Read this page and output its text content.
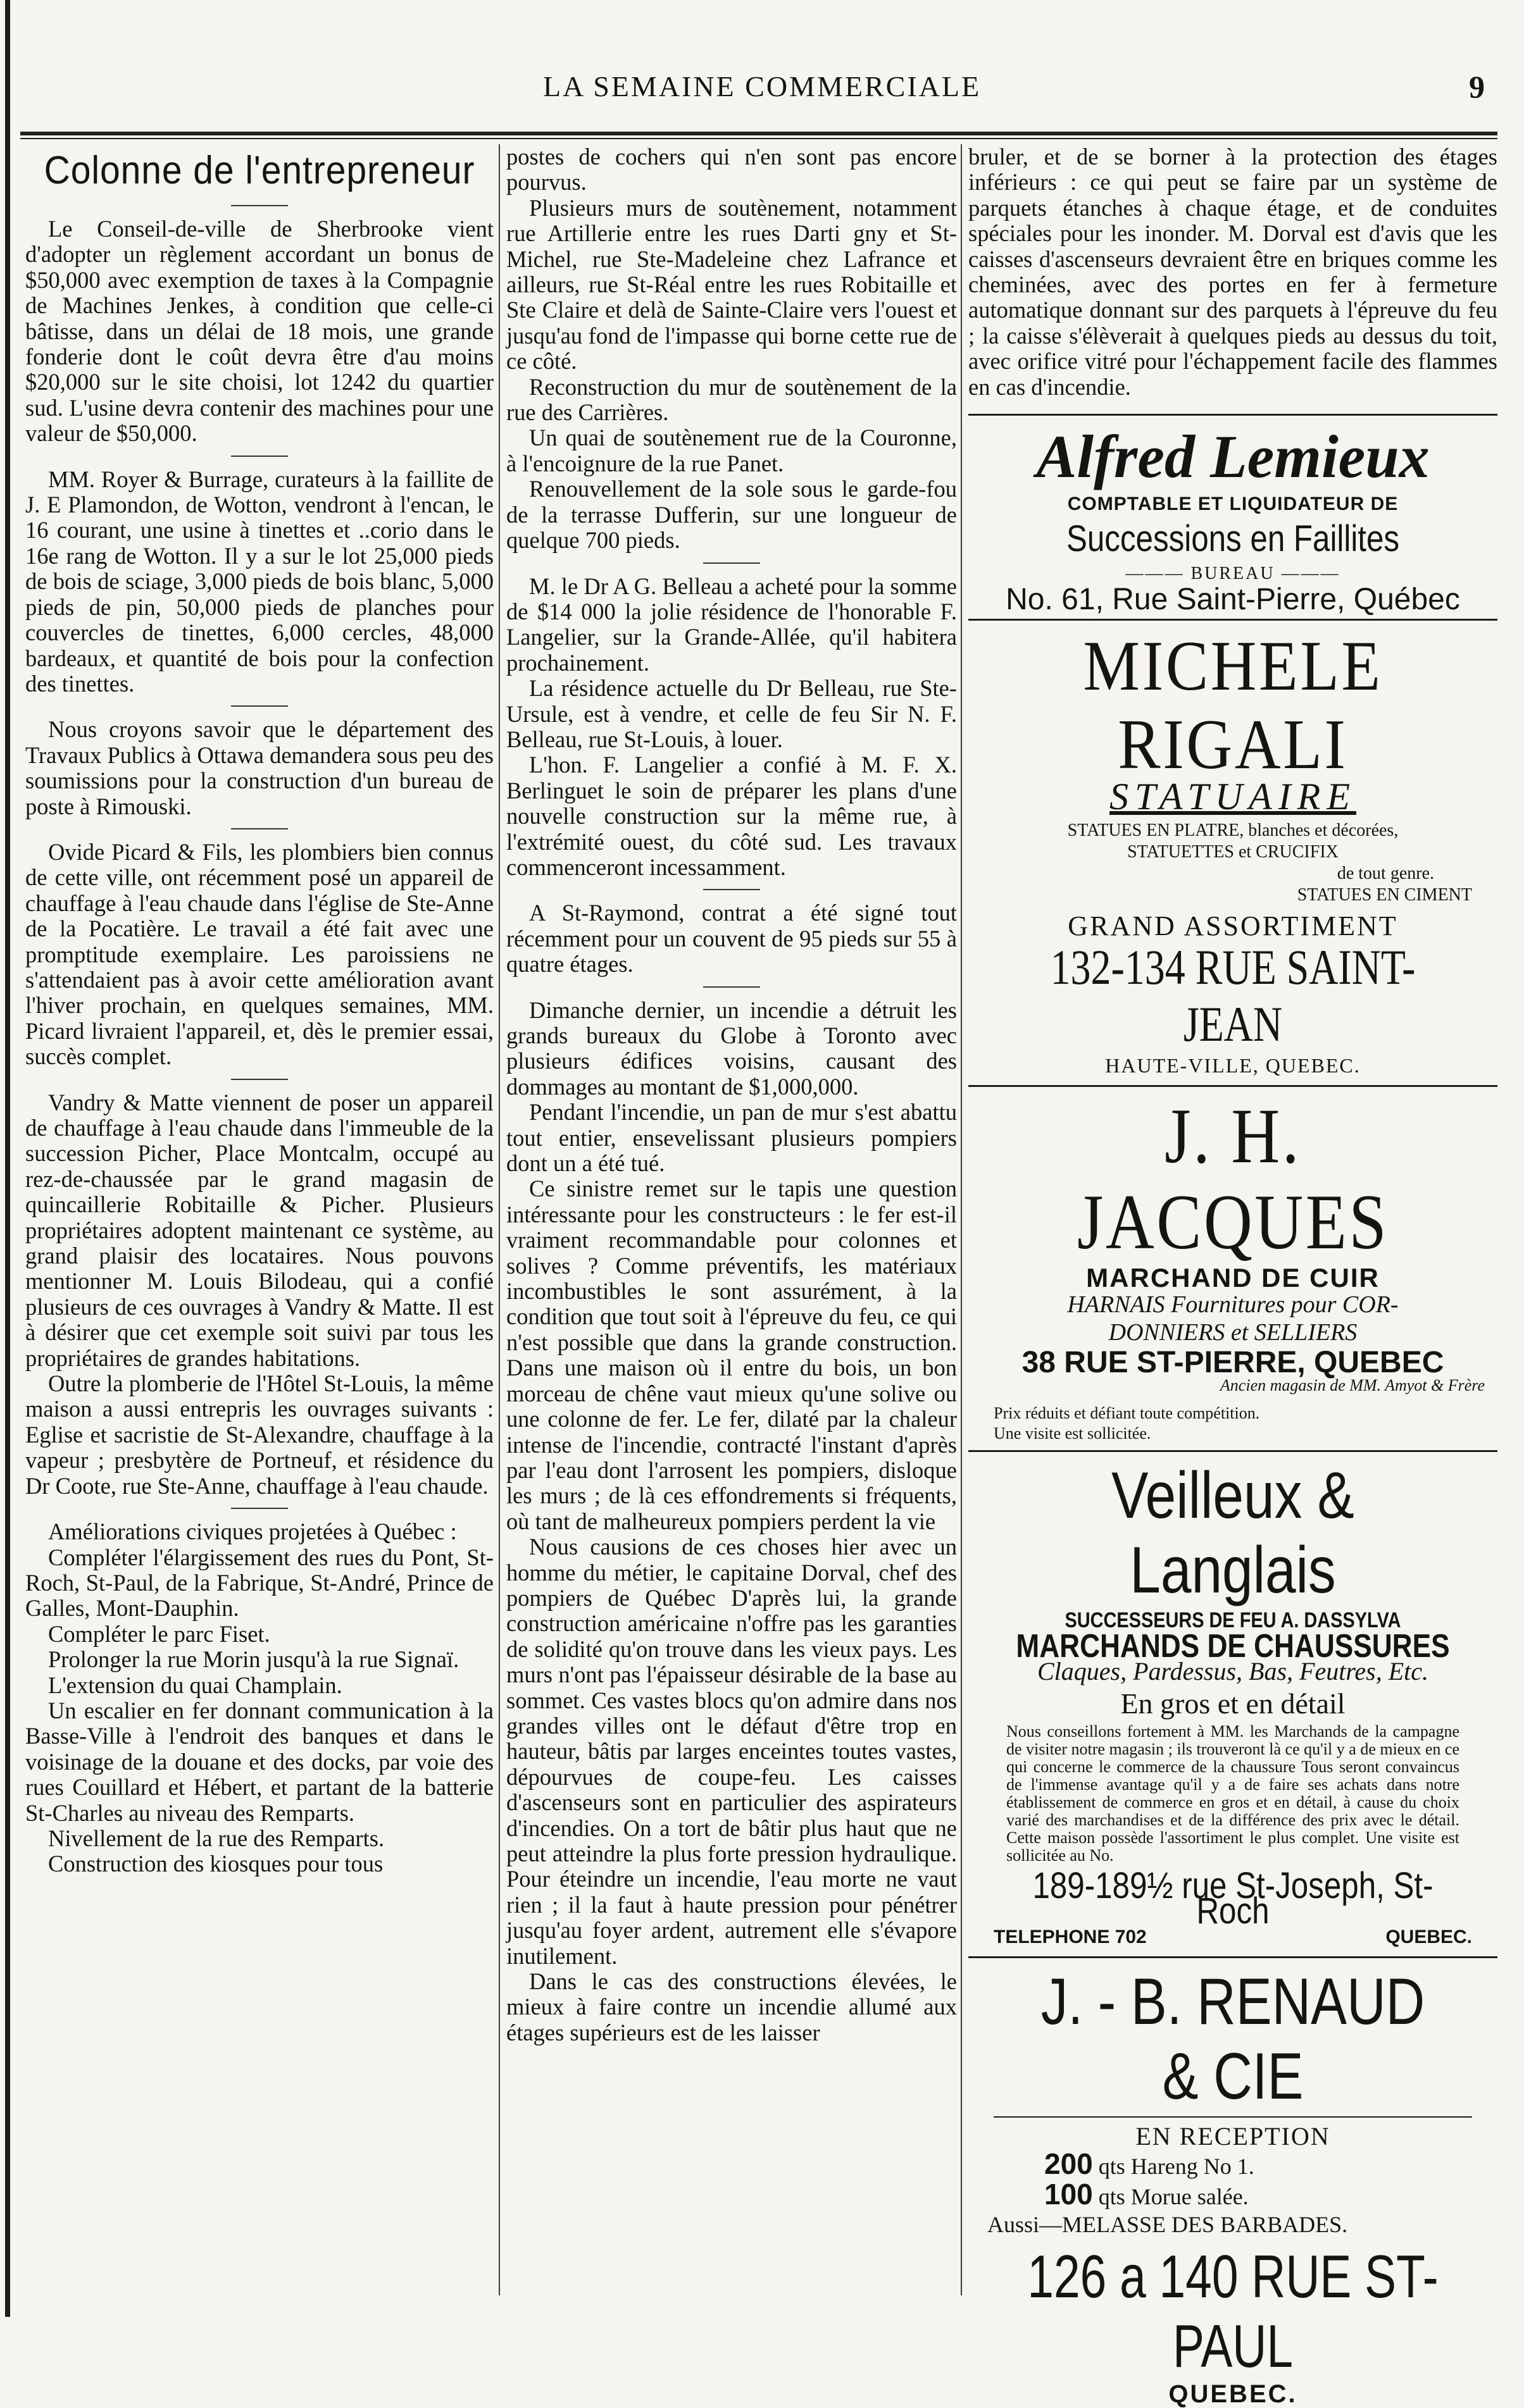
LA SEMAINE COMMERCIALE	9
Colonne de l'entrepreneur

Le Conseil-de-ville de Sherbrooke vient d'adopter un règlement accordant un bonus de $50,000 avec exemption de taxes à la Compagnie de Machines Jenkes, à condition que celle-ci bâtisse, dans un délai de 18 mois, une grande fonderie dont le coût devra être d'au moins $20,000 sur le site choisi, lot 1242 du quartier sud. L'usine devra contenir des machines pour une valeur de $50,000.

MM. Royer & Burrage, curateurs à la faillite de J. E Plamondon, de Wotton, vendront à l'encan, le 16 courant, une usine à tinettes et ..corio dans le 16e rang de Wotton. Il y a sur le lot 25,000 pieds de bois de sciage, 3,000 pieds de bois blanc, 5,000 pieds de pin, 50,000 pieds de planches pour couvercles de tinettes, 6,000 cercles, 48,000 bardeaux, et quantité de bois pour la confection des tinettes.

Nous croyons savoir que le département des Travaux Publics à Ottawa demandera sous peu des soumissions pour la construction d'un bureau de poste à Rimouski.

Ovide Picard & Fils, les plombiers bien connus de cette ville, ont récemment posé un appareil de chauffage à l'eau chaude dans l'église de Ste-Anne de la Pocatière. Le travail a été fait avec une promptitude exemplaire. Les paroissiens ne s'attendaient pas à avoir cette amélioration avant l'hiver prochain, en quelques semaines, MM. Picard livraient l'appareil, et, dès le premier essai, succès complet.

Vandry & Matte viennent de poser un appareil de chauffage à l'eau chaude dans l'immeuble de la succession Picher, Place Montcalm, occupé au rez-de-chaussée par le grand magasin de quincaillerie Robitaille & Picher. Plusieurs propriétaires adoptent maintenant ce système, au grand plaisir des locataires. Nous pouvons mentionner M. Louis Bilodeau, qui a confié plusieurs de ces ouvrages à Vandry & Matte. Il est à désirer que cet exemple soit suivi par tous les propriétaires de grandes habitations.

Outre la plomberie de l'Hôtel St-Louis, la même maison a aussi entrepris les ouvrages suivants : Eglise et sacristie de St-Alexandre, chauffage à la vapeur ; presbytère de Portneuf, et résidence du Dr Coote, rue Ste-Anne, chauffage à l'eau chaude.

Améliorations civiques projetées à Québec :

Compléter l'élargissement des rues du Pont, St-Roch, St-Paul, de la Fabrique, St-André, Prince de Galles, Mont-Dauphin.

Compléter le parc Fiset.

Prolonger la rue Morin jusqu'à la rue Signaï.

L'extension du quai Champlain.

Un escalier en fer donnant communication à la Basse-Ville à l'endroit des banques et dans le voisinage de la douane et des docks, par voie des rues Couillard et Hébert, et partant de la batterie St-Charles au niveau des Remparts.

Nivellement de la rue des Remparts.

Construction des kiosques pour tous

postes de cochers qui n'en sont pas encore pourvus.

Plusieurs murs de soutènement, notamment rue Artillerie entre les rues Darti gny et St-Michel, rue Ste-Madeleine chez Lafrance et ailleurs, rue St-Réal entre les rues Robitaille et Ste Claire et delà de Sainte-Claire vers l'ouest et jusqu'au fond de l'impasse qui borne cette rue de ce côté.

Reconstruction du mur de soutènement de la rue des Carrières.

Un quai de soutènement rue de la Couronne, à l'encoignure de la rue Panet.

Renouvellement de la sole sous le garde-fou de la terrasse Dufferin, sur une longueur de quelque 700 pieds.

M. le Dr A G. Belleau a acheté pour la somme de $14 000 la jolie résidence de l'honorable F. Langelier, sur la Grande-Allée, qu'il habitera prochainement.

La résidence actuelle du Dr Belleau, rue Ste-Ursule, est à vendre, et celle de feu Sir N. F. Belleau, rue St-Louis, à louer.

L'hon. F. Langelier a confié à M. F. X. Berlinguet le soin de préparer les plans d'une nouvelle construction sur la même rue, à l'extrémité ouest, du côté sud. Les travaux commenceront incessamment.

A St-Raymond, contrat a été signé tout récemment pour un couvent de 95 pieds sur 55 à quatre étages.

Dimanche dernier, un incendie a détruit les grands bureaux du Globe à Toronto avec plusieurs édifices voisins, causant des dommages au montant de $1,000,000.

Pendant l'incendie, un pan de mur s'est abattu tout entier, ensevelissant plusieurs pompiers dont un a été tué.

Ce sinistre remet sur le tapis une question intéressante pour les constructeurs : le fer est-il vraiment recommandable pour colonnes et solives ? Comme préventifs, les matériaux incombustibles le sont assurément, à la condition que tout soit à l'épreuve du feu, ce qui n'est possible que dans la grande construction. Dans une maison où il entre du bois, un bon morceau de chêne vaut mieux qu'une solive ou une colonne de fer. Le fer, dilaté par la chaleur intense de l'incendie, contracté l'instant d'après par l'eau dont l'arrosent les pompiers, disloque les murs ; de là ces effondrements si fréquents, où tant de malheureux pompiers perdent la vie

Nous causions de ces choses hier avec un homme du métier, le capitaine Dorval, chef des pompiers de Québec D'après lui, la grande construction américaine n'offre pas les garanties de solidité qu'on trouve dans les vieux pays. Les murs n'ont pas l'épaisseur désirable de la base au sommet. Ces vastes blocs qu'on admire dans nos grandes villes ont le défaut d'être trop en hauteur, bâtis par larges enceintes toutes vastes, dépourvues de coupe-feu. Les caisses d'ascenseurs sont en particulier des aspirateurs d'incendies. On a tort de bâtir plus haut que ne peut atteindre la plus forte pression hydraulique. Pour éteindre un incendie, l'eau morte ne vaut rien ; il la faut à haute pression pour pénétrer jusqu'au foyer ardent, autrement elle s'évapore inutilement.

Dans le cas des constructions élevées, le mieux à faire contre un incendie allumé aux étages supérieurs est de les laisser

bruler, et de se borner à la protection des étages inférieurs : ce qui peut se faire par un système de parquets étanches à chaque étage, et de conduites spéciales pour les inonder. M. Dorval est d'avis que les caisses d'ascenseurs devraient être en briques comme les cheminées, avec des portes en fer à fermeture automatique donnant sur des parquets à l'épreuve du feu ; la caisse s'élèverait à quelques pieds au dessus du toit, avec orifice vitré pour l'échappement facile des flammes en cas d'incendie.

Alfred Lemieux
COMPTABLE ET LIQUIDATEUR DE
Successions en Faillites
——— BUREAU ———
No. 61, Rue Saint-Pierre, Québec
MICHELE RIGALI
STATUAIRE
STATUES EN PLATRE, blanches et décorées,
STATUETTES et CRUCIFIX
de tout genre.
STATUES EN CIMENT
GRAND ASSORTIMENT
132-134 RUE SAINT-JEAN
HAUTE-VILLE, QUEBEC.
J. H. JACQUES
MARCHAND DE CUIR
HARNAIS Fournitures pour COR-
DONNIERS et SELLIERS
38 RUE ST-PIERRE, QUEBEC
Ancien magasin de MM. Amyot & Frère
Prix réduits et défiant toute compétition.
Une visite est sollicitée.
Veilleux & Langlais
SUCCESSEURS DE FEU A. DASSYLVA
MARCHANDS DE CHAUSSURES
Claques, Pardessus, Bas, Feutres, Etc.
En gros et en détail
Nous conseillons fortement à MM. les Marchands de la campagne de visiter notre magasin ; ils trouveront là ce qu'il y a de mieux en ce qui concerne le commerce de la chaussure Tous seront convaincus de l'immense avantage qu'il y a de faire ses achats dans notre établissement de commerce en gros et en détail, à cause du choix varié des marchandises et de la différence des prix avec le détail. Cette maison possède l'assortiment le plus complet. Une visite est sollicitée au No.
189-189½ rue St-Joseph, St-Roch
TELEPHONE 702	QUEBEC.
J. - B. RENAUD & CIE
EN RECEPTION
200 qts Hareng No 1.
100 qts Morue salée.
Aussi—MELASSE DES BARBADES.
126 a 140 RUE ST-PAUL
QUEBEC.
